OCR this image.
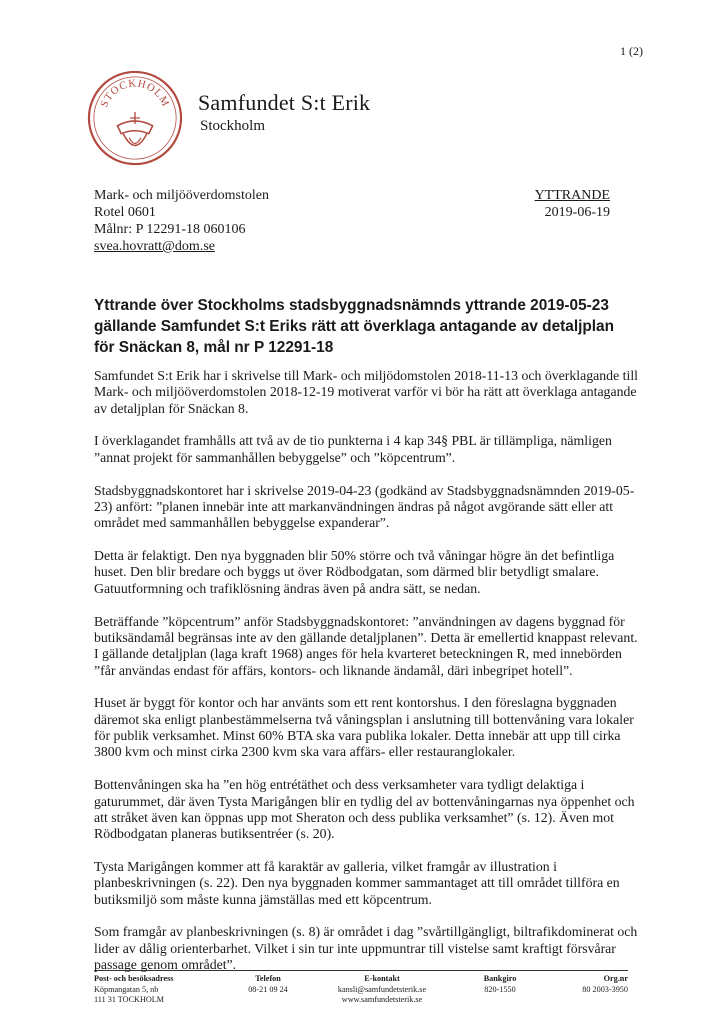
1 (2)
STOCKHOLM Samfundet S:t Erik
Stockholm
Mark- och miljööverdomstolen
Rotel 0601
Målnr: P 12291-18 060106
svea.hovratt@dom.se
YTTRANDE
2019-06-19
Yttrande över Stockholms stadsbyggnadsnämnds yttrande 2019-05-23 gällande Samfundet S:t Eriks rätt att överklaga antagande av detaljplan för Snäckan 8, mål nr P 12291-18

Samfundet S:t Erik har i skrivelse till Mark- och miljödomstolen 2018-11-13 och överklagande till Mark- och miljööverdomstolen 2018-12-19 motiverat varför vi bör ha rätt att överklaga antagande av detaljplan för Snäckan 8.

I överklagandet framhålls att två av de tio punkterna i 4 kap 34§ PBL är tillämpliga, nämligen ”annat projekt för sammanhållen bebyggelse” och ”köpcentrum”.

Stadsbyggnadskontoret har i skrivelse 2019-04-23 (godkänd av Stadsbyggnadsnämnden 2019-05-23) anfört: ”planen innebär inte att markanvändningen ändras på något avgörande sätt eller att området med sammanhållen bebyggelse expanderar”.

Detta är felaktigt. Den nya byggnaden blir 50% större och två våningar högre än det befintliga huset. Den blir bredare och byggs ut över Rödbodgatan, som därmed blir betydligt smalare. Gatuutformning och trafiklösning ändras även på andra sätt, se nedan.

Beträffande ”köpcentrum” anför Stadsbyggnadskontoret: ”användningen av dagens byggnad för butiksändamål begränsas inte av den gällande detaljplanen”. Detta är emellertid knappast relevant. I gällande detaljplan (laga kraft 1968) anges för hela kvarteret beteckningen R, med innebörden ”får användas endast för affärs, kontors- och liknande ändamål, däri inbegripet hotell”.

Huset är byggt för kontor och har använts som ett rent kontorshus. I den föreslagna byggnaden däremot ska enligt planbestämmelserna två våningsplan i anslutning till bottenvåning vara lokaler för publik verksamhet. Minst 60% BTA ska vara publika lokaler. Detta innebär att upp till cirka 3800 kvm och minst cirka 2300 kvm ska vara affärs- eller restauranglokaler.

Bottenvåningen ska ha ”en hög entrétäthet och dess verksamheter vara tydligt delaktiga i gaturummet, där även Tysta Marigången blir en tydlig del av bottenvåningarnas nya öppenhet och att stråket även kan öppnas upp mot Sheraton och dess publika verksamhet” (s. 12). Även mot Rödbodgatan planeras butiksentréer (s. 20).

Tysta Marigången kommer att få karaktär av galleria, vilket framgår av illustration i planbeskrivningen (s. 22). Den nya byggnaden kommer sammantaget att till området tillföra en butiksmiljö som måste kunna jämställas med ett köpcentrum.

Som framgår av planbeskrivningen (s. 8) är området i dag ”svårtillgängligt, biltrafikdominerat och lider av dålig orienterbarhet. Vilket i sin tur inte uppmuntrar till vistelse samt kraftigt försvårar passage genom området”.

Post- och besöksadress
Köpmangatan 5, nb
111 31 TOCKHOLM
Telefon
08-21 09 24
E-kontakt
kansli@samfundetsterik.se
www.samfundetsterik.se
Bankgiro
820-1550
Org.nr
80 2003-3950
